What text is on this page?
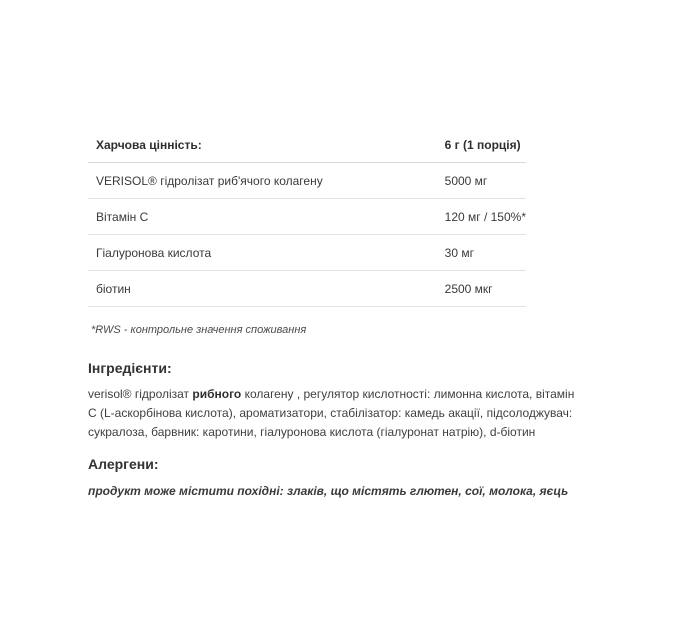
Харчова цінність:	6 г (1 порція)
VERISOL® гідролізат риб'ячого колагену	5000 мг
Вітамін С	120 мг / 150%*
Гіалуронова кислота	30 мг
біотин	2500 мкг
*RWS - контрольне значення споживання
Інгредієнти:
verisol® гідролізат рибного колагену , регулятор кислотності: лимонна кислота, вітамін С (L-аскорбінова кислота), ароматизатори, стабілізатор: камедь акації, підсолоджувач: сукралоза, барвник: каротини, гіалуронова кислота (гіалуронат натрію), d-біотин
Алергени:
продукт може містити похідні: злаків, що містять глютен, сої, молока, яєць
